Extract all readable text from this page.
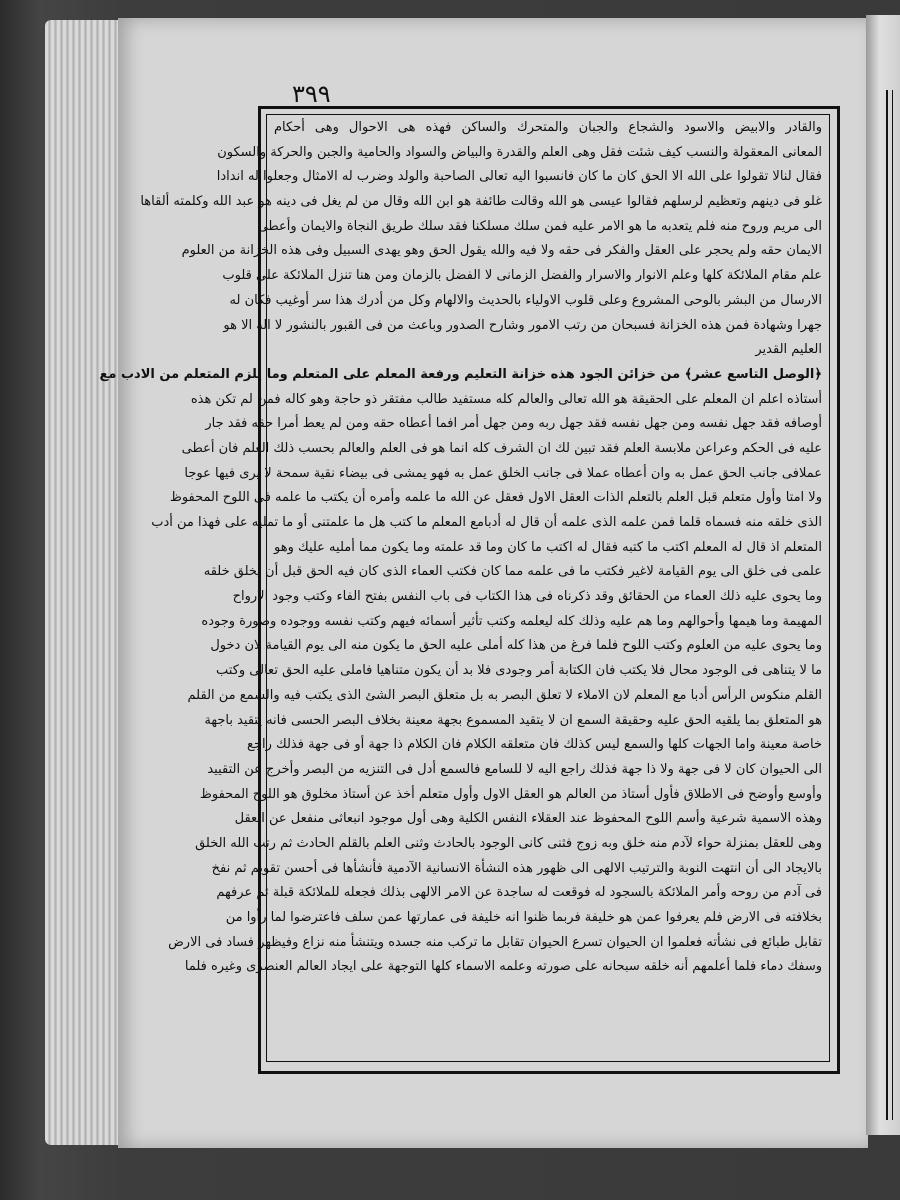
۳۹۹
والقادر والابيض والاسود والشجاع والجبان والمتحرك والساكن فهذه هى الاحوال وهى أحكام
المعانى المعقولة والنسب كيف شئت فقل وهى العلم والقدرة والبياض والسواد والحامية والجبن والحركة والسكون
فقال لنالا تقولوا على الله الا الحق كان ما كان فانسبوا اليه تعالى الصاحبة والولد وضرب له الامثال وجعلوا له اندادا
غلو فى دينهم وتعظيم لرسلهم فقالوا عيسى هو الله وقالت طائفة هو ابن الله وقال من لم يغل فى دينه هو عبد الله وكلمته ألقاها
الى مريم وروح منه فلم يتعدبه ما هو الامر عليه فمن سلك مسلكنا فقد سلك طريق النجاة والايمان وأعطى
الايمان حقه ولم يحجر على العقل والفكر فى حقه ولا فيه والله يقول الحق وهو يهدى السبيل وفى هذه الخزانة من العلوم
علم مقام الملائكة كلها وعلم الانوار والاسرار والفضل الزمانى لا الفضل بالزمان ومن هنا تنزل الملائكة على قلوب
الارسال من البشر بالوحى المشروع وعلى قلوب الاولياء بالحديث والالهام وكل من أدرك هذا سر أوغيب فكان له
جهرا وشهادة فمن هذه الخزانة فسبحان من رتب الامور وشارح الصدور وباعث من فى القبور بالنشور لا اله الا هو
العليم القدير
﴿الوصل التاسع عشر﴾ من خزائن الجود هذه خزانة التعليم ورفعة المعلم على المتعلم وما يلزم المتعلم من الادب مع
أستاذه اعلم ان المعلم على الحقيقة هو الله تعالى والعالم كله مستفيد طالب مفتقر ذو حاجة وهو كاله فمن لم تكن هذه
أوصافه فقد جهل نفسه ومن جهل نفسه فقد جهل ربه ومن جهل أمر افما أعطاه حقه ومن لم يعط أمرا حقه فقد جار
عليه فى الحكم وعراعن ملابسة العلم فقد تبين لك ان الشرف كله انما هو فى العلم والعالم بحسب ذلك العلم فان أعطى
عملافى جانب الحق عمل به وان أعطاه عملا فى جانب الخلق عمل به فهو يمشى فى بيضاء نقية سمحة لا يرى فيها عوجا
ولا امتا وأول متعلم قبل العلم بالتعلم الذات العقل الاول فعقل عن الله ما علمه وأمره أن يكتب ما علمه فى اللوح المحفوظ
الذى خلقه منه فسماه قلما فمن علمه الذى علمه أن قال له أدبامع المعلم ما كتب هل ما علمتنى أو ما تمليه على فهذا من أدب
المتعلم اذ قال له المعلم اكتب ما كتبه فقال له اكتب ما كان وما قد علمته وما يكون مما أمليه عليك وهو
علمى فى خلق الى يوم القيامة لاغير فكتب ما فى علمه مما كان فكتب العماء الذى كان فيه الحق قبل أن يخلق خلقه
وما يحوى عليه ذلك العماء من الحقائق وقد ذكرناه فى هذا الكتاب فى باب النفس بفتح الفاء وكتب وجود الارواح
المهيمة وما هيمها وأحوالهم وما هم عليه وذلك كله ليعلمه وكتب تأثير أسمائه فيهم وكتب نفسه ووجوده وصورة وجوده
وما يحوى عليه من العلوم وكتب اللوح فلما فرغ من هذا كله أملى عليه الحق ما يكون منه الى يوم القيامة لان دخول
ما لا يتناهى فى الوجود محال فلا يكتب فان الكتابة أمر وجودى فلا بد أن يكون متناهيا فاملى عليه الحق تعالى وكتب
القلم منكوس الرأس أدبا مع المعلم لان الاملاء لا تعلق البصر به بل متعلق البصر الشئ الذى يكتب فيه والسمع من القلم
هو المتعلق بما يلقيه الحق عليه وحقيقة السمع ان لا يتقيد المسموع بجهة معينة بخلاف البصر الحسى فانه يتقيد باجهة
خاصة معينة واما الجهات كلها والسمع ليس كذلك فان متعلقه الكلام فان الكلام ذا جهة أو فى جهة فذلك راجع
الى الحيوان كان لا فى جهة ولا ذا جهة فذلك راجع اليه لا للسامع فالسمع أدل فى التنزيه من البصر وأخرج عن التقييد
وأوسع وأوضح فى الاطلاق فأول أستاذ من العالم هو العقل الاول وأول متعلم أخذ عن أستاذ مخلوق هو اللوح المحفوظ
وهذه الاسمية شرعية وأسم اللوح المحفوظ عند العقلاء النفس الكلية وهى أول موجود انبعاثى منفعل عن العقل
وهى للعقل بمنزلة حواء لآدم منه خلق وبه زوج فثنى كانى الوجود بالحادث وثنى العلم بالقلم الحادث ثم رتب الله الخلق
بالايجاد الى أن انتهت النوبة والترتيب الالهى الى ظهور هذه النشأة الانسانية الآدمية فأنشأها فى أحسن تقويم ثم نفخ
فى آدم من روحه وأمر الملائكة بالسجود له فوقعت له ساجدة عن الامر الالهى بذلك فجعله للملائكة قبلة ثم عرفهم
بخلافته فى الارض فلم يعرفوا عمن هو خليفة فربما ظنوا انه خليفة فى عمارتها عمن سلف فاعترضوا لما رأوا من
تقابل طبائع فى نشأته فعلموا ان الحيوان تسرع الحيوان تقابل ما تركب منه جسده ويتنشأ منه نزاع وفيظهر فساد فى الارض
وسفك دماء فلما أعلمهم أنه خلقه سبحانه على صورته وعلمه الاسماء كلها التوجهة على ايجاد العالم العنصرى وغيره فلما
